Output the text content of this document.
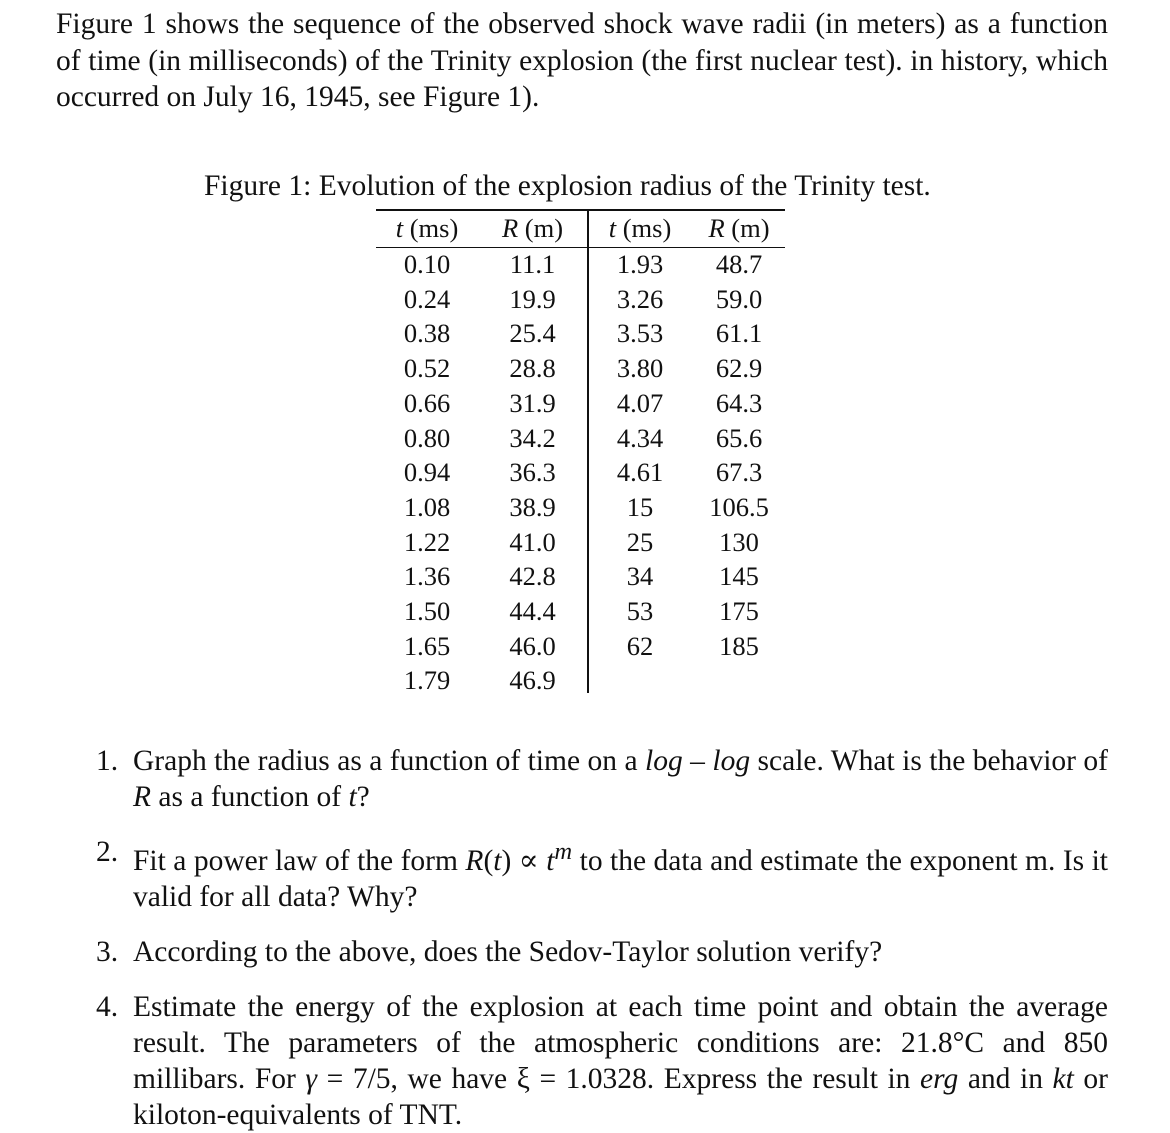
Figure 1 shows the sequence of the observed shock wave radii (in meters) as a function of time (in milliseconds) of the Trinity explosion (the first nuclear test). in history, which occurred on July 16, 1945, see Figure 1).
Figure 1: Evolution of the explosion radius of the Trinity test.
t (ms)	R (m)	t (ms)	R (m)
0.10	11.1	1.93	48.7
0.24	19.9	3.26	59.0
0.38	25.4	3.53	61.1
0.52	28.8	3.80	62.9
0.66	31.9	4.07	64.3
0.80	34.2	4.34	65.6
0.94	36.3	4.61	67.3
1.08	38.9	15	106.5
1.22	41.0	25	130
1.36	42.8	34	145
1.50	44.4	53	175
1.65	46.0	62	185
1.79	46.9		
1. Graph the radius as a function of time on a log – log scale. What is the behavior of R as a function of t?
2. Fit a power law of the form $R(t) \propto t^m$ to the data and estimate the exponent m. Is it valid for all data? Why?
3. According to the above, does the Sedov-Taylor solution verify?
4. Estimate the energy of the explosion at each time point and obtain the average result. The parameters of the atmospheric conditions are: 21.8°C and 850 millibars. For γ = 7/5, we have ξ = 1.0328. Express the result in erg and in kt or kiloton-equivalents of TNT.
